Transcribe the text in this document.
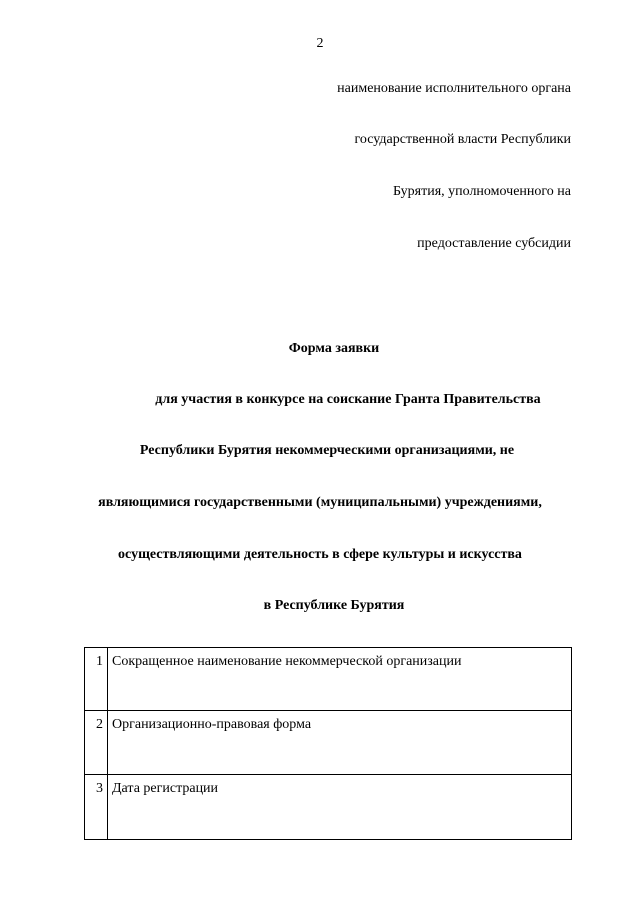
2
наименование исполнительного органа
государственной власти Республики
Бурятия, уполномоченного на
предоставление субсидии
Форма заявки
для участия в конкурсе на соискание Гранта Правительства
Республики Бурятия некоммерческими организациями, не
являющимися государственными (муниципальными) учреждениями,
осуществляющими деятельность в сфере культуры и искусства
в Республике Бурятия
1	Сокращенное наименование некоммерческой организации

2	Организационно-правовая форма

3	Дата регистрации
